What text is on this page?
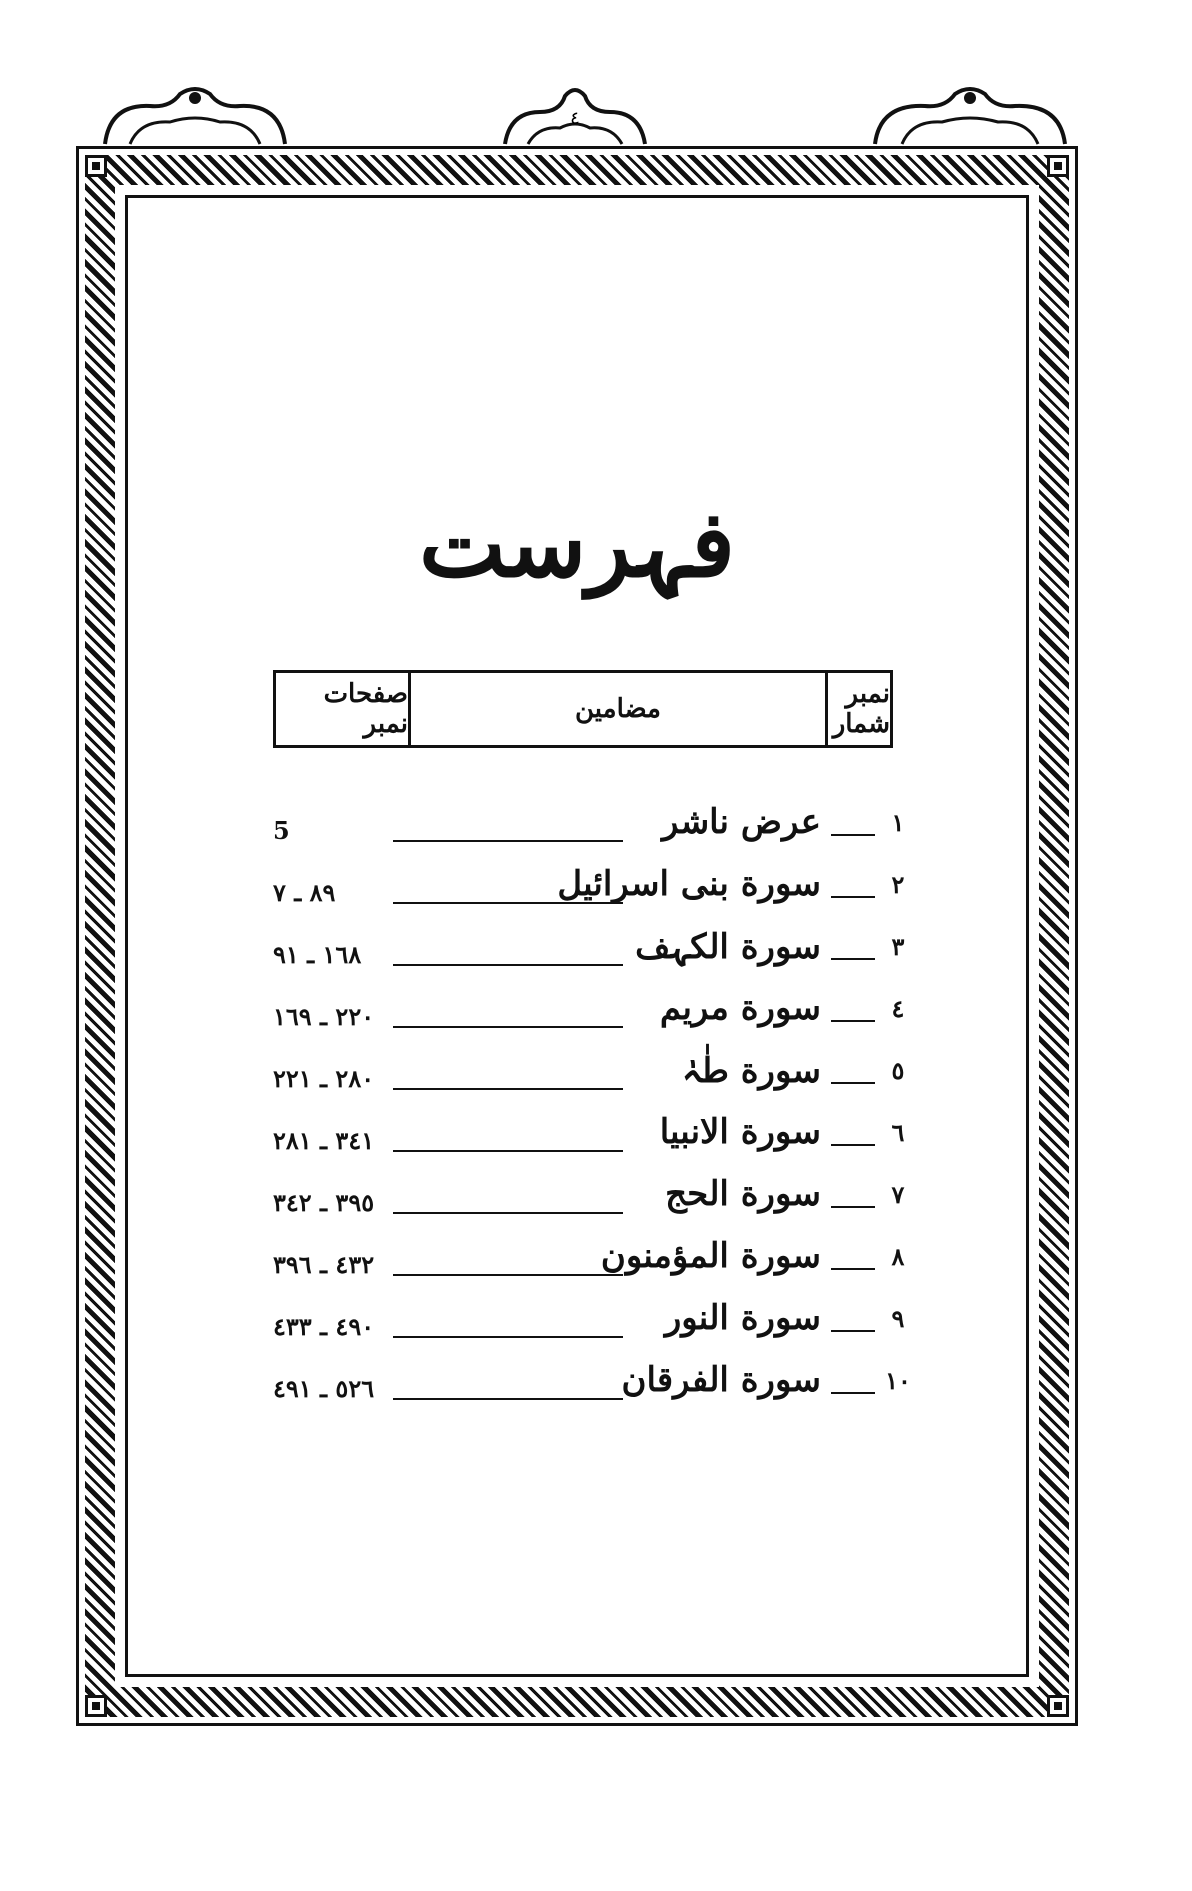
٤
فہرست
نمبر شمار
مضامین
صفحات نمبر
١
عرض ناشر
5
٢
سورة بنی اسرائیل
٨٩ ـ ٧
٣
سورة الکہف
١٦٨ ـ ٩١
٤
سورة مریم
٢٢٠ ـ ١٦٩
٥
سورة طٰہٰ
٢٨٠ ـ ٢٢١
٦
سورة الانبیا
٣٤١ ـ ٢٨١
٧
سورة الحج
٣٩٥ ـ ٣٤٢
٨
سورة المؤمنون
٤٣٢ ـ ٣٩٦
٩
سورة النور
٤٩٠ ـ ٤٣٣
١٠
سورة الفرقان
٥٢٦ ـ ٤٩١
